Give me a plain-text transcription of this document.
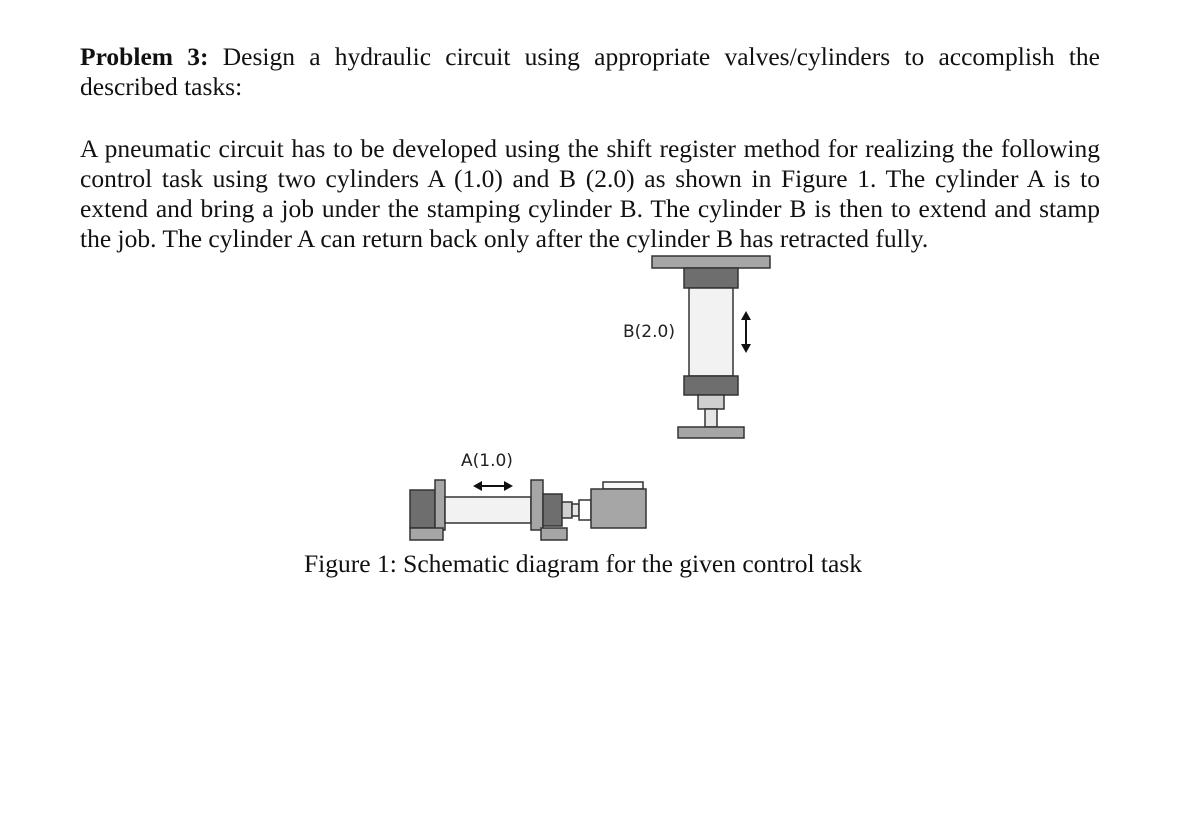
Problem 3: Design a hydraulic circuit using appropriate valves/cylinders to accomplish the described tasks:

A pneumatic circuit has to be developed using the shift register method for realizing the following control task using two cylinders A (1.0) and B (2.0) as shown in Figure 1. The cylinder A is to extend and bring a job under the stamping cylinder B. The cylinder B is then to extend and stamp the job. The cylinder A can return back only after the cylinder B has retracted fully.

B(2.0)
A(1.0)

Figure 1: Schematic diagram for the given control task
